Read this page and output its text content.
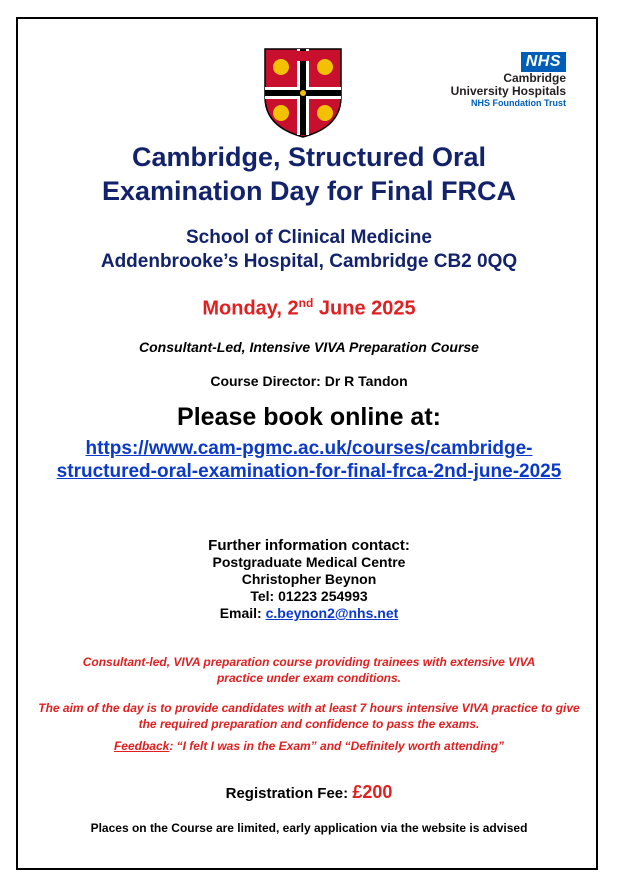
NHS
Cambridge
University Hospitals
NHS Foundation Trust
Cambridge, Structured Oral
Examination Day for Final FRCA
School of Clinical Medicine
Addenbrooke’s Hospital, Cambridge CB2 0QQ
Monday, 2nd June 2025
Consultant-Led, Intensive VIVA Preparation Course
Course Director: Dr R Tandon
Please book online at:
https://www.cam-pgmc.ac.uk/courses/cambridge-structured-oral-examination-for-final-frca-2nd-june-2025
Further information contact:
Postgraduate Medical Centre
Christopher Beynon
Tel: 01223 254993
Email: c.beynon2@nhs.net
Consultant-led, VIVA preparation course providing trainees with extensive VIVA practice under exam conditions.
The aim of the day is to provide candidates with at least 7 hours intensive VIVA practice to give the required preparation and confidence to pass the exams.
Feedback: “I felt I was in the Exam” and “Definitely worth attending”
Registration Fee: £200
Places on the Course are limited, early application via the website is advised
